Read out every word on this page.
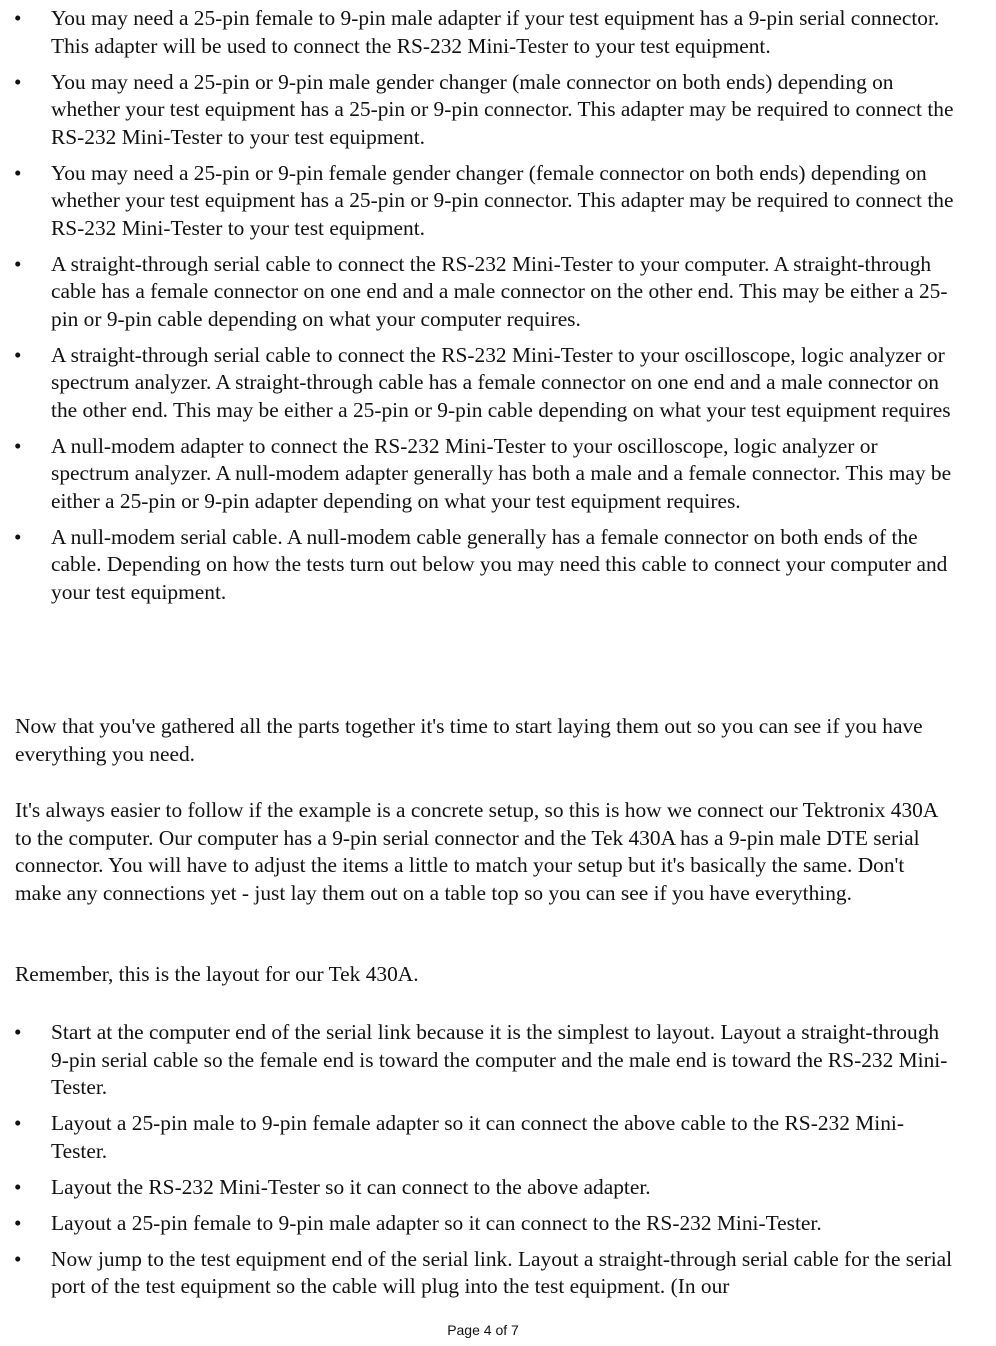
•	You may need a 25-pin female to 9-pin male adapter if your test equipment has a 9-pin serial connector. This adapter will be used to connect the RS-232 Mini-Tester to your test equipment.
•	You may need a 25-pin or 9-pin male gender changer (male connector on both ends) depending on whether your test equipment has a 25-pin or 9-pin connector. This adapter may be required to connect the RS-232 Mini-Tester to your test equipment.
•	You may need a 25-pin or 9-pin female gender changer (female connector on both ends) depending on whether your test equipment has a 25-pin or 9-pin connector. This adapter may be required to connect the RS-232 Mini-Tester to your test equipment.
•	A straight-through serial cable to connect the RS-232 Mini-Tester to your computer. A straight-through cable has a female connector on one end and a male connector on the other end. This may be either a 25-pin or 9-pin cable depending on what your computer requires.
•	A straight-through serial cable to connect the RS-232 Mini-Tester to your oscilloscope, logic analyzer or spectrum analyzer. A straight-through cable has a female connector on one end and a male connector on the other end. This may be either a 25-pin or 9-pin cable depending on what your test equipment requires
•	A null-modem adapter to connect the RS-232 Mini-Tester to your oscilloscope, logic analyzer or spectrum analyzer. A null-modem adapter generally has both a male and a female connector. This may be either a 25-pin or 9-pin adapter depending on what your test equipment requires.
•	A null-modem serial cable. A null-modem cable generally has a female connector on both ends of the cable. Depending on how the tests turn out below you may need this cable to connect your computer and your test equipment.

Now that you've gathered all the parts together it's time to start laying them out so you can see if you have everything you need.

It's always easier to follow if the example is a concrete setup, so this is how we connect our Tektronix 430A to the computer. Our computer has a 9-pin serial connector and the Tek 430A has a 9-pin male DTE serial connector. You will have to adjust the items a little to match your setup but it's basically the same. Don't make any connections yet - just lay them out on a table top so you can see if you have everything.

Remember, this is the layout for our Tek 430A.

•	Start at the computer end of the serial link because it is the simplest to layout. Layout a straight-through 9-pin serial cable so the female end is toward the computer and the male end is toward the RS-232 Mini-Tester.
•	Layout a 25-pin male to 9-pin female adapter so it can connect the above cable to the RS-232 Mini-Tester.
•	Layout the RS-232 Mini-Tester so it can connect to the above adapter.
•	Layout a 25-pin female to 9-pin male adapter so it can connect to the RS-232 Mini-Tester.
•	Now jump to the test equipment end of the serial link. Layout a straight-through serial cable for the serial port of the test equipment so the cable will plug into the test equipment. (In our
Page 4 of 7
